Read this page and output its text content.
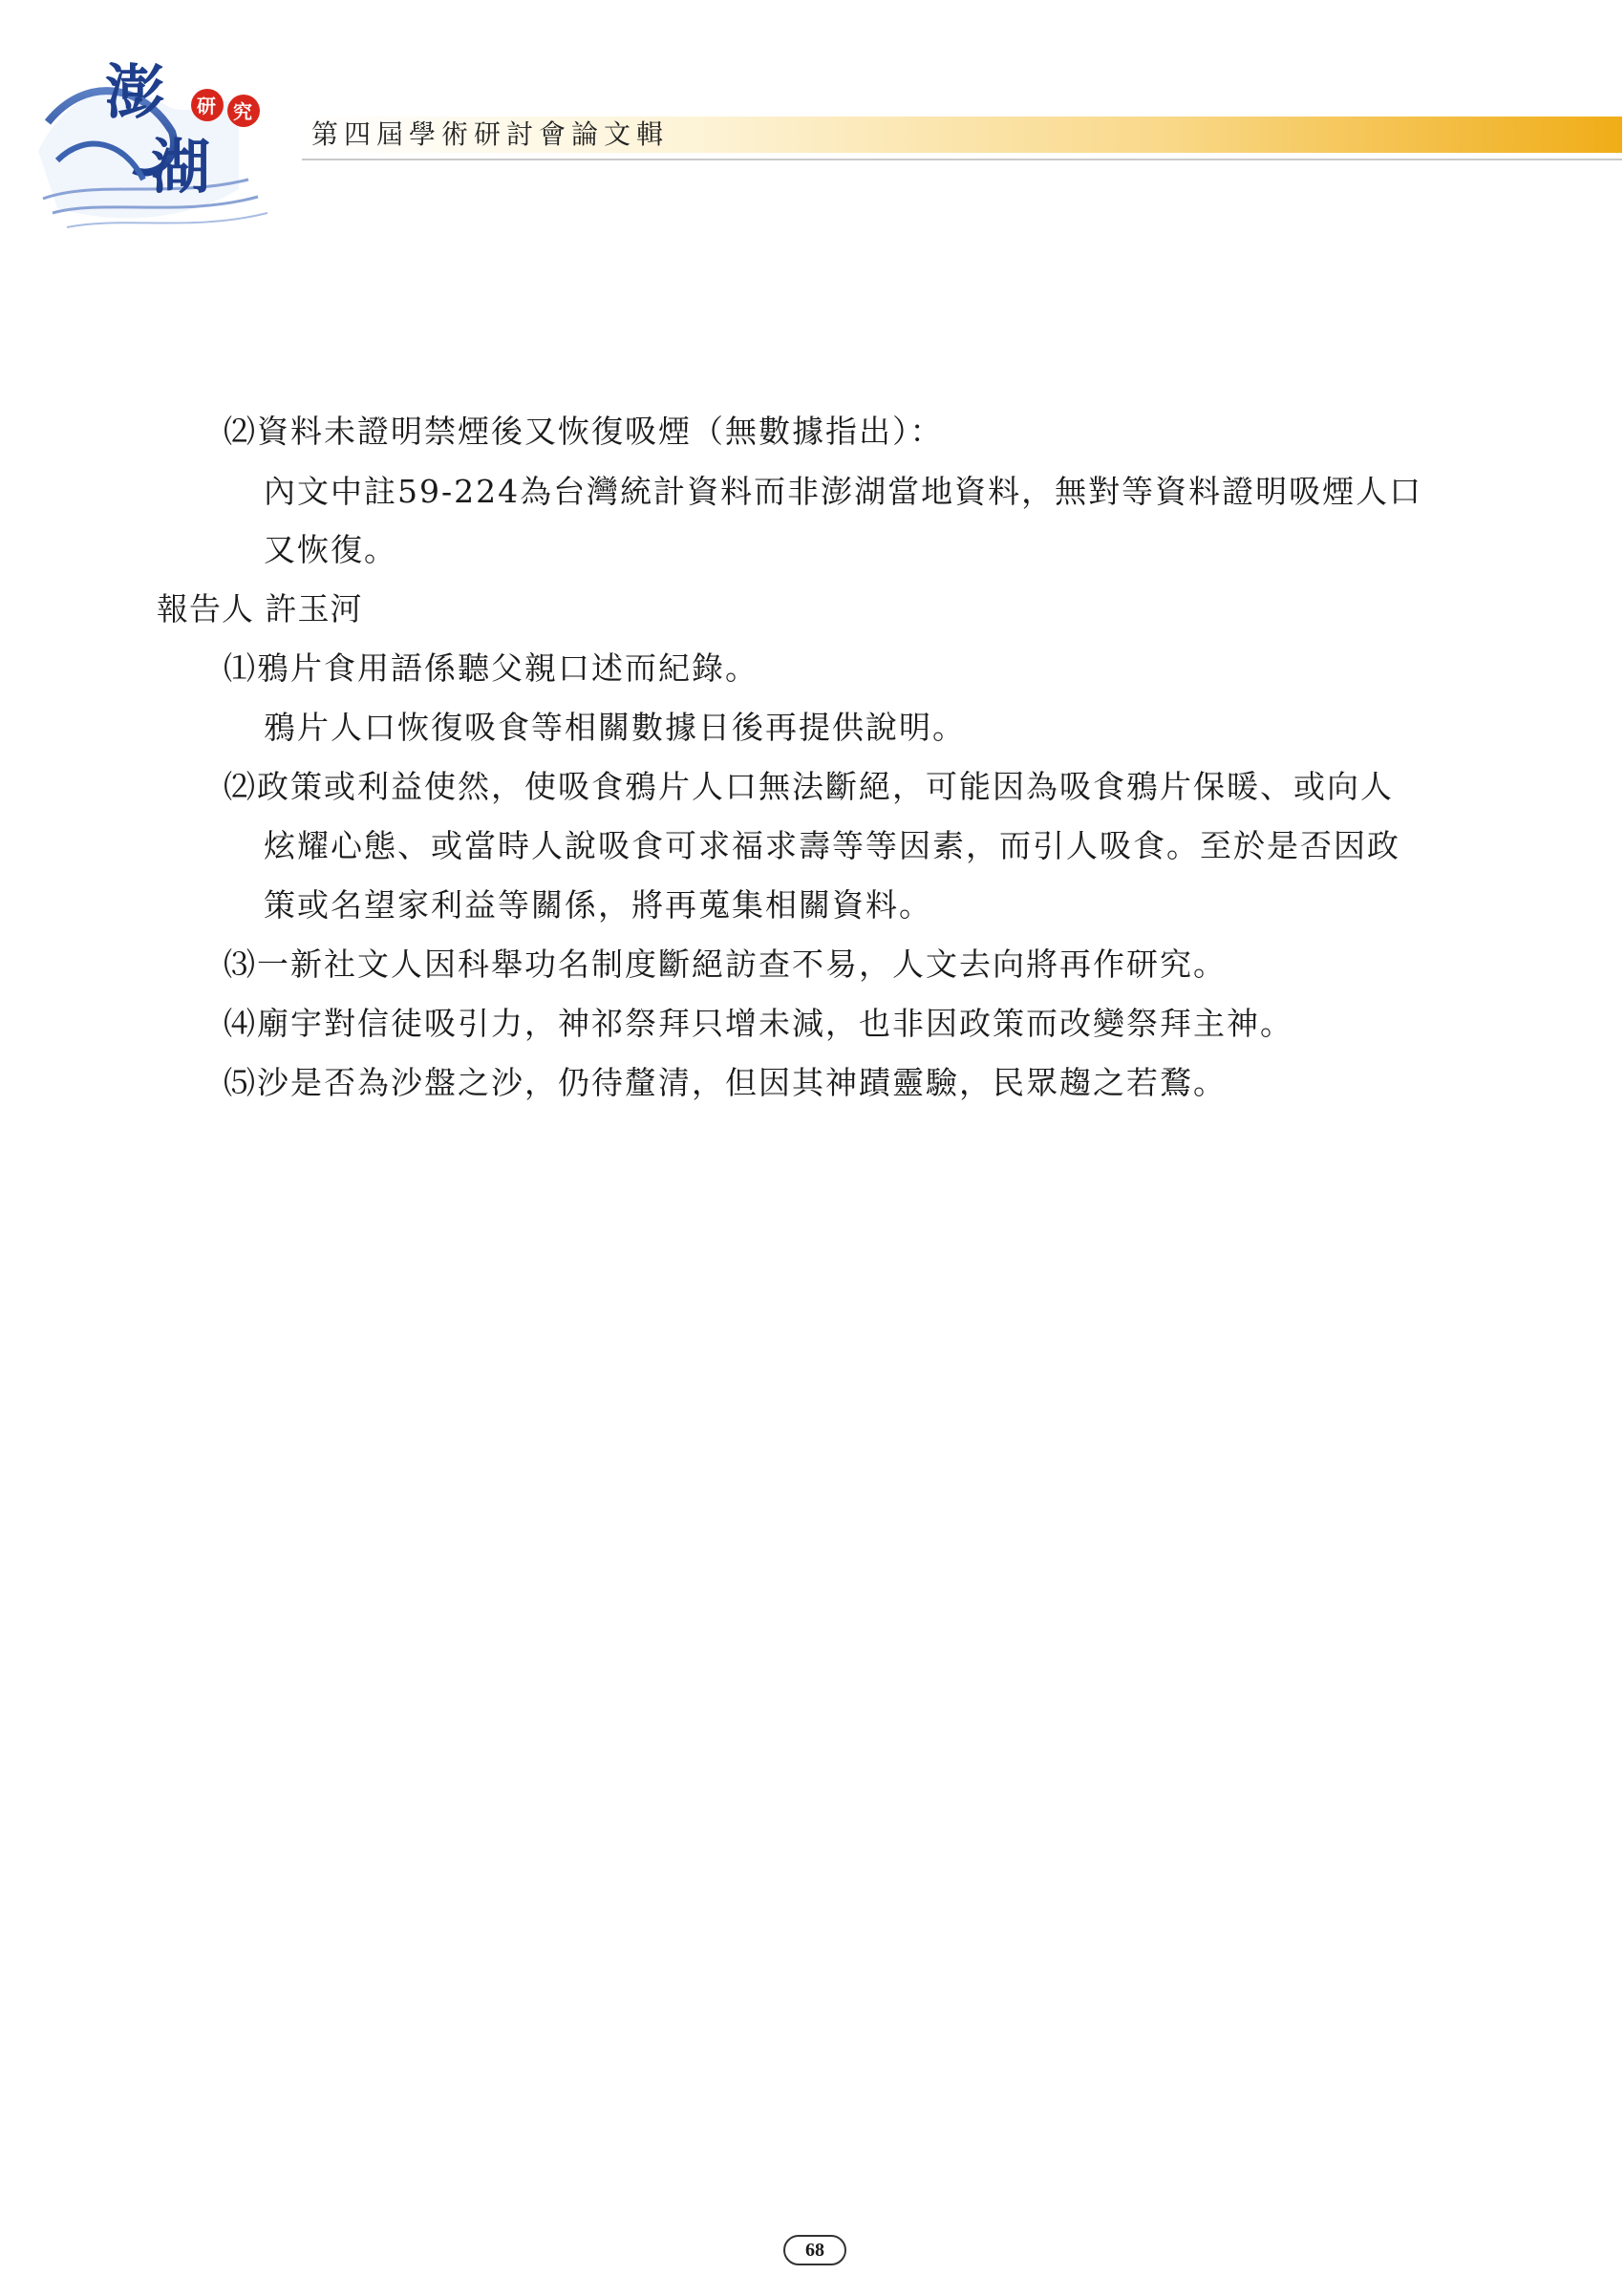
澎
湖
研 究
第四屆學術研討會論文輯
⑵資料未證明禁煙後又恢復吸煙（無數據指出）：
內文中註59-224為台灣統計資料而非澎湖當地資料，無對等資料證明吸煙人口
又恢復。
報告人 許玉河
⑴鴉片食用語係聽父親口述而紀錄。
鴉片人口恢復吸食等相關數據日後再提供說明。
⑵政策或利益使然，使吸食鴉片人口無法斷絕，可能因為吸食鴉片保暖、或向人
炫耀心態、或當時人說吸食可求福求壽等等因素，而引人吸食。至於是否因政
策或名望家利益等關係，將再蒐集相關資料。
⑶一新社文人因科舉功名制度斷絕訪查不易，人文去向將再作研究。
⑷廟宇對信徒吸引力，神祁祭拜只增未減，也非因政策而改變祭拜主神。
⑸沙是否為沙盤之沙，仍待釐清，但因其神蹟靈驗，民眾趨之若鶩。
68
